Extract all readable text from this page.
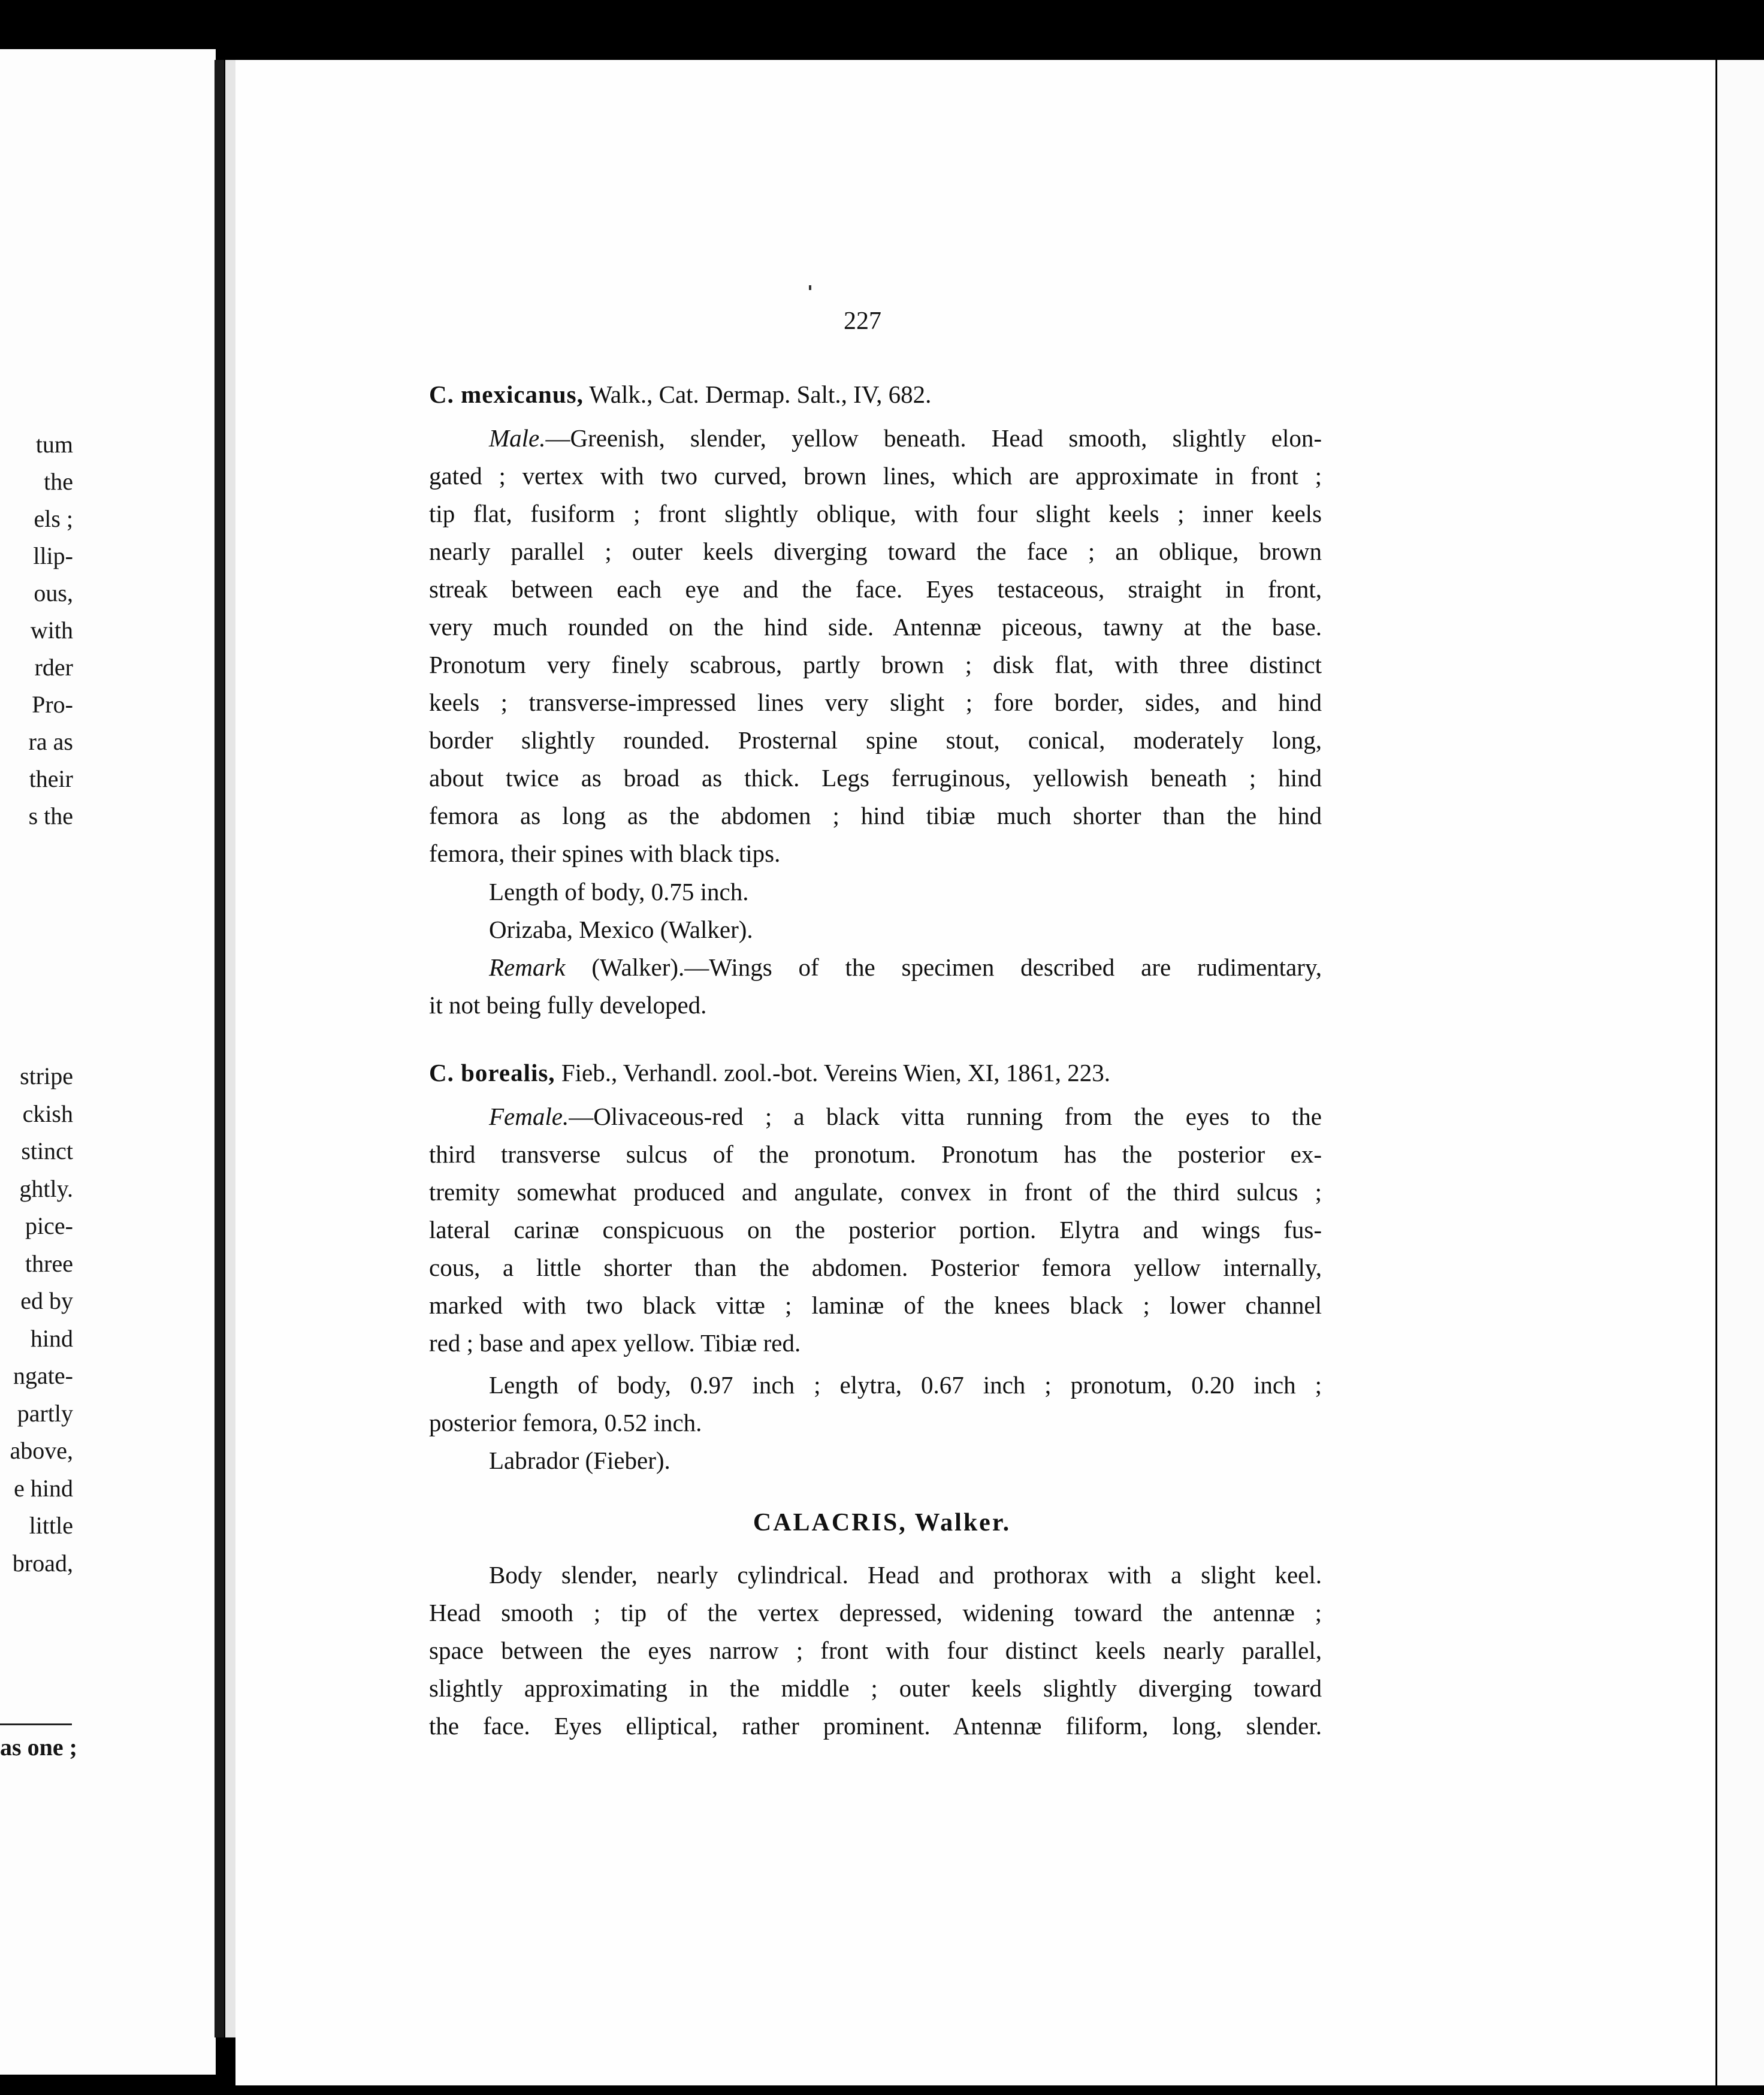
as one ;
tum
the
els ;
llip-
ous,
with
rder
Pro-
ra as
their
s the
stripe
ckish
stinct
ghtly.
pice-
three
ed by
hind
ngate-
partly
above,
e hind
little
broad,
227
C. mexicanus, Walk., Cat. Dermap. Salt., IV, 682.
Length of body, 0.75 inch.
Orizaba, Mexico (Walker).
Remark (Walker).—Wings of the specimen described are rudimentary,
it not being fully developed.
C. borealis, Fieb., Verhandl. zool.-bot. Vereins Wien, XI, 1861, 223.
Length of body, 0.97 inch ; elytra, 0.67 inch ; pronotum, 0.20 inch ;
posterior femora, 0.52 inch.
Labrador (Fieber).
CALACRIS, Walker.
Male.—Greenish, slender, yellow beneath. Head smooth, slightly elon-
gated ; vertex with two curved, brown lines, which are approximate in front ;
tip flat, fusiform ; front slightly oblique, with four slight keels ; inner keels
nearly parallel ; outer keels diverging toward the face ; an oblique, brown
streak between each eye and the face. Eyes testaceous, straight in front,
very much rounded on the hind side. Antennæ piceous, tawny at the base.
Pronotum very finely scabrous, partly brown ; disk flat, with three distinct
keels ; transverse-impressed lines very slight ; fore border, sides, and hind
border slightly rounded. Prosternal spine stout, conical, moderately long,
about twice as broad as thick. Legs ferruginous, yellowish beneath ; hind
femora as long as the abdomen ; hind tibiæ much shorter than the hind
femora, their spines with black tips.
Female.—Olivaceous-red ; a black vitta running from the eyes to the
third transverse sulcus of the pronotum. Pronotum has the posterior ex-
tremity somewhat produced and angulate, convex in front of the third sulcus ;
lateral carinæ conspicuous on the posterior portion. Elytra and wings fus-
cous, a little shorter than the abdomen. Posterior femora yellow internally,
marked with two black vittæ ; laminæ of the knees black ; lower channel
red ; base and apex yellow. Tibiæ red.
Body slender, nearly cylindrical. Head and prothorax with a slight keel.
Head smooth ; tip of the vertex depressed, widening toward the antennæ ;
space between the eyes narrow ; front with four distinct keels nearly parallel,
slightly approximating in the middle ; outer keels slightly diverging toward
the face. Eyes elliptical, rather prominent. Antennæ filiform, long, slender.
